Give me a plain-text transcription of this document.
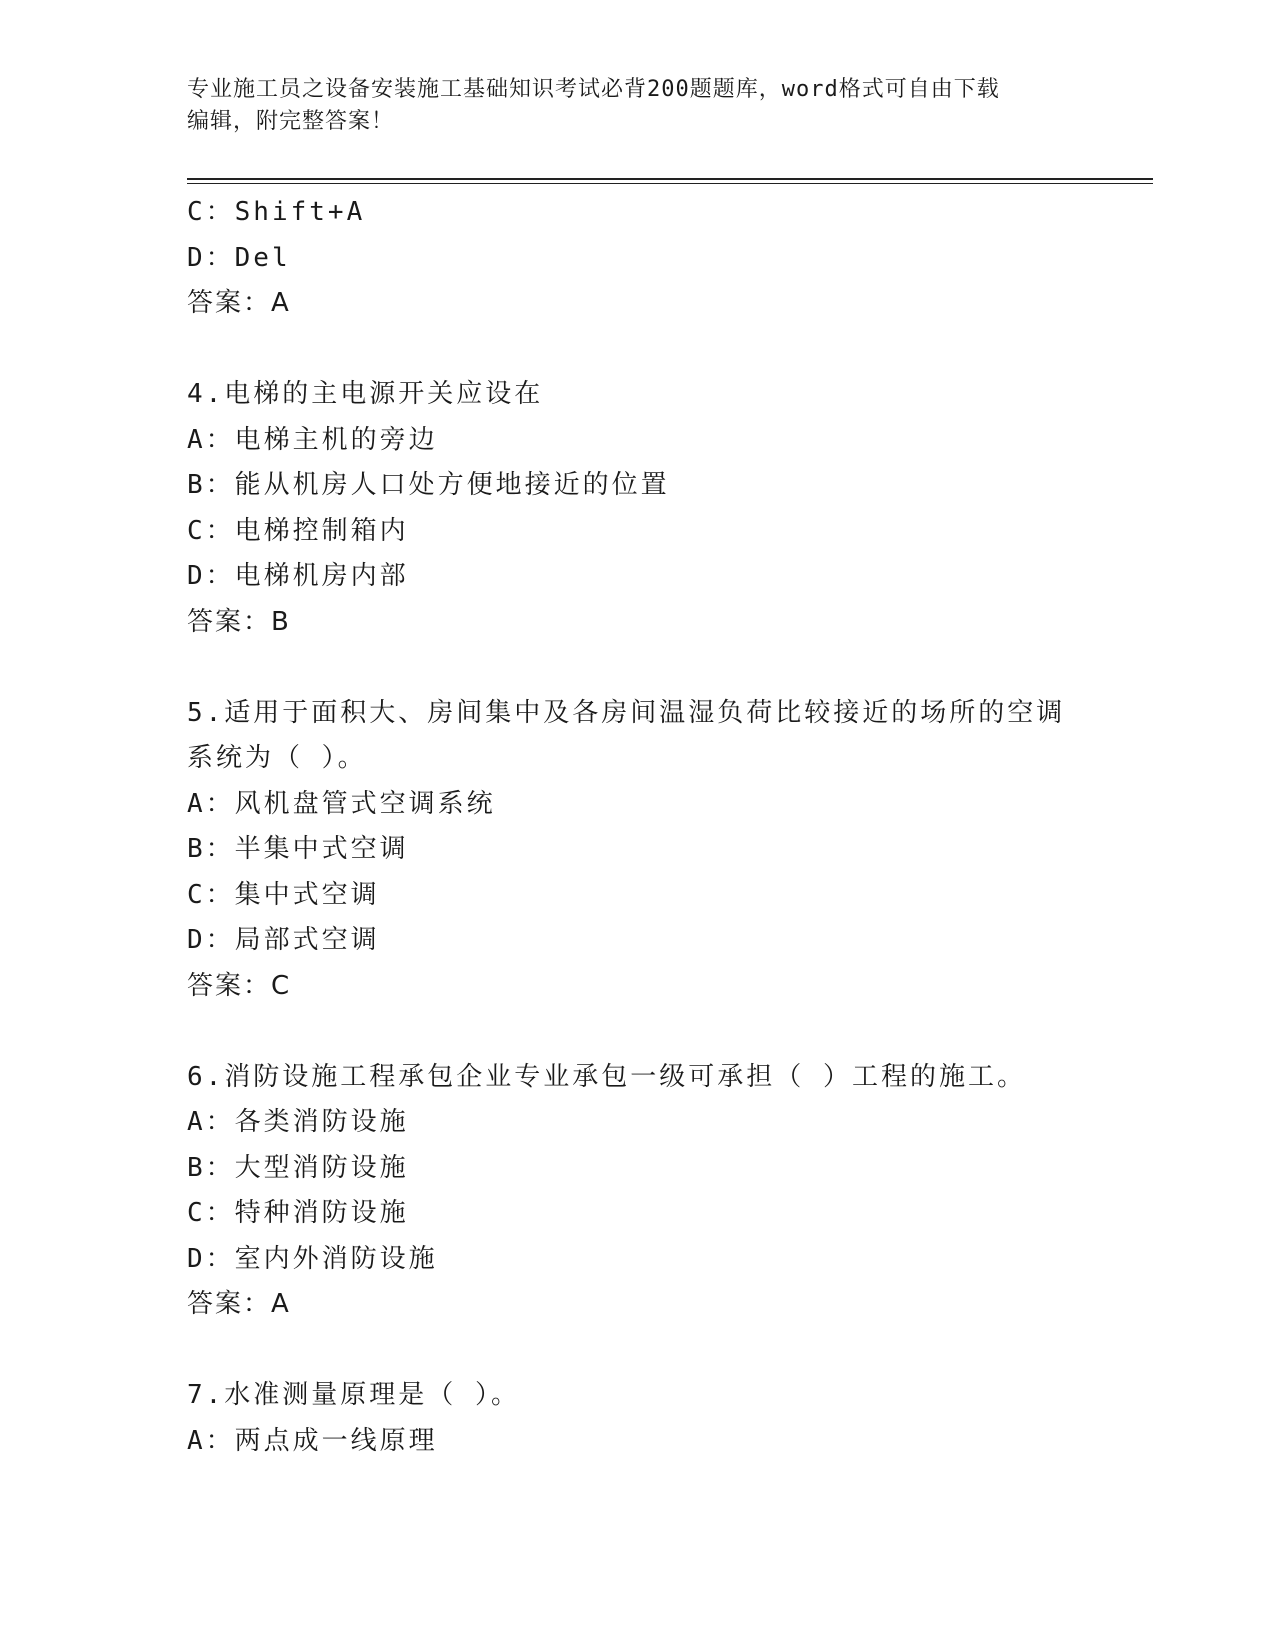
专业施工员之设备安装施工基础知识考试必背200题题库，word格式可自由下载
编辑，附完整答案！
C：Shift+A
D：Del
答案：A
4.电梯的主电源开关应设在
A：电梯主机的旁边
B：能从机房人口处方便地接近的位置
C：电梯控制箱内
D：电梯机房内部
答案：B
5.适用于面积大、房间集中及各房间温湿负荷比较接近的场所的空调
系统为（ ）。
A：风机盘管式空调系统
B：半集中式空调
C：集中式空调
D：局部式空调
答案：C
6.消防设施工程承包企业专业承包一级可承担（ ）工程的施工。
A：各类消防设施
B：大型消防设施
C：特种消防设施
D：室内外消防设施
答案：A
7.水准测量原理是（ ）。
A：两点成一线原理
